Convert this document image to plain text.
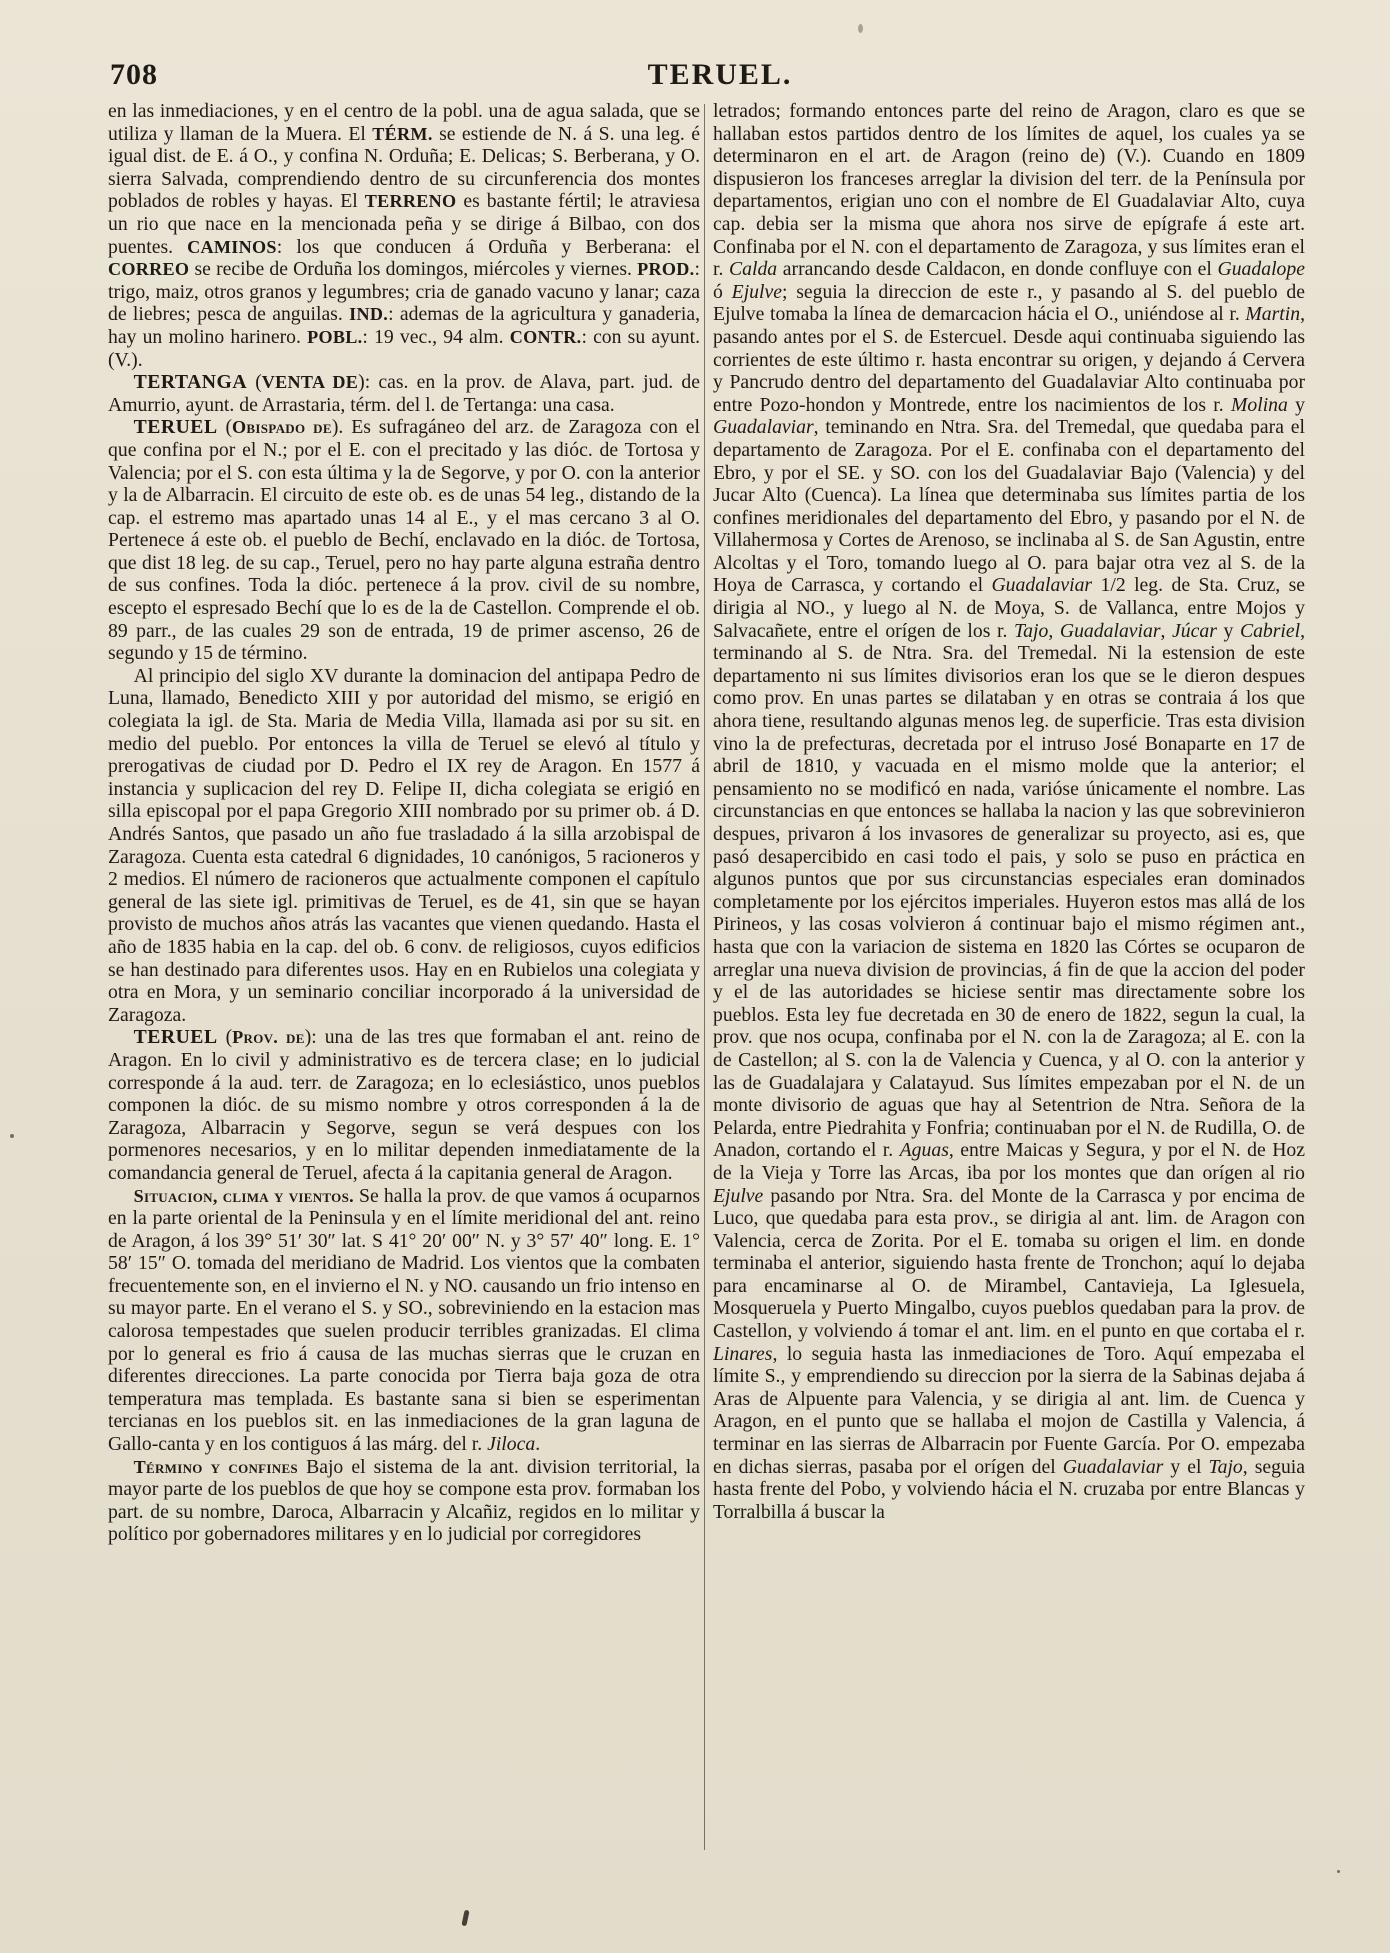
708	TERUEL.

en las inmediaciones, y en el centro de la pobl. una de agua salada, que se utiliza y llaman de la Muera. El TÉRM. se estiende de N. á S. una leg. é igual dist. de E. á O., y confina N. Orduña; E. Delicas; S. Berberana, y O. sierra Salvada, comprendiendo dentro de su circunferencia dos montes poblados de robles y hayas. El TERRENO es bastante fértil; le atraviesa un rio que nace en la mencionada peña y se dirige á Bilbao, con dos puentes. CAMINOS: los que conducen á Orduña y Berberana: el CORREO se recibe de Orduña los domingos, miércoles y viernes. PROD.: trigo, maiz, otros granos y legumbres; cria de ganado vacuno y lanar; caza de liebres; pesca de anguilas. IND.: ademas de la agricultura y ganaderia, hay un molino harinero. POBL.: 19 vec., 94 alm. CONTR.: con su ayunt. (V.).

TERTANGA (VENTA DE): cas. en la prov. de Alava, part. jud. de Amurrio, ayunt. de Arrastaria, térm. del l. de Tertanga: una casa.

TERUEL (Obispado de). Es sufragáneo del arz. de Zaragoza con el que confina por el N.; por el E. con el precitado y las dióc. de Tortosa y Valencia; por el S. con esta última y la de Segorve, y por O. con la anterior y la de Albarracin. El circuito de este ob. es de unas 54 leg., distando de la cap. el estremo mas apartado unas 14 al E., y el mas cercano 3 al O. Pertenece á este ob. el pueblo de Bechí, enclavado en la dióc. de Tortosa, que dist 18 leg. de su cap., Teruel, pero no hay parte alguna estraña dentro de sus confines. Toda la dióc. pertenece á la prov. civil de su nombre, escepto el espresado Bechí que lo es de la de Castellon. Comprende el ob. 89 parr., de las cuales 29 son de entrada, 19 de primer ascenso, 26 de segundo y 15 de término.

Al principio del siglo XV durante la dominacion del antipapa Pedro de Luna, llamado, Benedicto XIII y por autoridad del mismo, se erigió en colegiata la igl. de Sta. Maria de Media Villa, llamada asi por su sit. en medio del pueblo. Por entonces la villa de Teruel se elevó al título y prerogativas de ciudad por D. Pedro el IX rey de Aragon. En 1577 á instancia y suplicacion del rey D. Felipe II, dicha colegiata se erigió en silla episcopal por el papa Gregorio XIII nombrado por su primer ob. á D. Andrés Santos, que pasado un año fue trasladado á la silla arzobispal de Zaragoza. Cuenta esta catedral 6 dignidades, 10 canónigos, 5 racioneros y 2 medios. El número de racioneros que actualmente componen el capítulo general de las siete igl. primitivas de Teruel, es de 41, sin que se hayan provisto de muchos años atrás las vacantes que vienen quedando. Hasta el año de 1835 habia en la cap. del ob. 6 conv. de religiosos, cuyos edificios se han destinado para diferentes usos. Hay en en Rubielos una colegiata y otra en Mora, y un seminario conciliar incorporado á la universidad de Zaragoza.

TERUEL (Prov. de): una de las tres que formaban el ant. reino de Aragon. En lo civil y administrativo es de tercera clase; en lo judicial corresponde á la aud. terr. de Zaragoza; en lo eclesiástico, unos pueblos componen la dióc. de su mismo nombre y otros corresponden á la de Zaragoza, Albarracin y Segorve, segun se verá despues con los pormenores necesarios, y en lo militar dependen inmediatamente de la comandancia general de Teruel, afecta á la capitania general de Aragon.

Situacion, clima y vientos. Se halla la prov. de que vamos á ocuparnos en la parte oriental de la Peninsula y en el límite meridional del ant. reino de Aragon, á los 39° 51′ 30″ lat. S 41° 20′ 00″ N. y 3° 57′ 40″ long. E. 1° 58′ 15″ O. tomada del meridiano de Madrid. Los vientos que la combaten frecuentemente son, en el invierno el N. y NO. causando un frio intenso en su mayor parte. En el verano el S. y SO., sobreviniendo en la estacion mas calorosa tempestades que suelen producir terribles granizadas. El clima por lo general es frio á causa de las muchas sierras que le cruzan en diferentes direcciones. La parte conocida por Tierra baja goza de otra temperatura mas templada. Es bastante sana si bien se esperimentan tercianas en los pueblos sit. en las inmediaciones de la gran laguna de Gallo-canta y en los contiguos á las márg. del r. Jiloca.

Término y confines Bajo el sistema de la ant. division territorial, la mayor parte de los pueblos de que hoy se compone esta prov. formaban los part. de su nombre, Daroca, Albarracin y Alcañiz, regidos en lo militar y político por gobernadores militares y en lo judicial por corregidores

letrados; formando entonces parte del reino de Aragon, claro es que se hallaban estos partidos dentro de los límites de aquel, los cuales ya se determinaron en el art. de Aragon (reino de) (V.). Cuando en 1809 dispusieron los franceses arreglar la division del terr. de la Península por departamentos, erigian uno con el nombre de El Guadalaviar Alto, cuya cap. debia ser la misma que ahora nos sirve de epígrafe á este art. Confinaba por el N. con el departamento de Zaragoza, y sus límites eran el r. Calda arrancando desde Caldacon, en donde confluye con el Guadalope ó Ejulve; seguia la direccion de este r., y pasando al S. del pueblo de Ejulve tomaba la línea de demarcacion hácia el O., uniéndose al r. Martin, pasando antes por el S. de Estercuel. Desde aqui continuaba siguiendo las corrientes de este último r. hasta encontrar su origen, y dejando á Cervera y Pancrudo dentro del departamento del Guadalaviar Alto continuaba por entre Pozo-hondon y Montrede, entre los nacimientos de los r. Molina y Guadalaviar, teminando en Ntra. Sra. del Tremedal, que quedaba para el departamento de Zaragoza. Por el E. confinaba con el departamento del Ebro, y por el SE. y SO. con los del Guadalaviar Bajo (Valencia) y del Jucar Alto (Cuenca). La línea que determinaba sus límites partia de los confines meridionales del departamento del Ebro, y pasando por el N. de Villahermosa y Cortes de Arenoso, se inclinaba al S. de San Agustin, entre Alcoltas y el Toro, tomando luego al O. para bajar otra vez al S. de la Hoya de Carrasca, y cortando el Guadalaviar 1/2 leg. de Sta. Cruz, se dirigia al NO., y luego al N. de Moya, S. de Vallanca, entre Mojos y Salvacañete, entre el orígen de los r. Tajo, Guadalaviar, Júcar y Cabriel, terminando al S. de Ntra. Sra. del Tremedal. Ni la estension de este departamento ni sus límites divisorios eran los que se le dieron despues como prov. En unas partes se dilataban y en otras se contraia á los que ahora tiene, resultando algunas menos leg. de superficie. Tras esta division vino la de prefecturas, decretada por el intruso José Bonaparte en 17 de abril de 1810, y vacuada en el mismo molde que la anterior; el pensamiento no se modificó en nada, varióse únicamente el nombre. Las circunstancias en que entonces se hallaba la nacion y las que sobrevinieron despues, privaron á los invasores de generalizar su proyecto, asi es, que pasó desapercibido en casi todo el pais, y solo se puso en práctica en algunos puntos que por sus circunstancias especiales eran dominados completamente por los ejércitos imperiales. Huyeron estos mas allá de los Pirineos, y las cosas volvieron á continuar bajo el mismo régimen ant., hasta que con la variacion de sistema en 1820 las Córtes se ocuparon de arreglar una nueva division de provincias, á fin de que la accion del poder y el de las autoridades se hiciese sentir mas directamente sobre los pueblos. Esta ley fue decretada en 30 de enero de 1822, segun la cual, la prov. que nos ocupa, confinaba por el N. con la de Zaragoza; al E. con la de Castellon; al S. con la de Valencia y Cuenca, y al O. con la anterior y las de Guadalajara y Calatayud. Sus límites empezaban por el N. de un monte divisorio de aguas que hay al Setentrion de Ntra. Señora de la Pelarda, entre Piedrahita y Fonfria; continuaban por el N. de Rudilla, O. de Anadon, cortando el r. Aguas, entre Maicas y Segura, y por el N. de Hoz de la Vieja y Torre las Arcas, iba por los montes que dan orígen al rio Ejulve pasando por Ntra. Sra. del Monte de la Carrasca y por encima de Luco, que quedaba para esta prov., se dirigia al ant. lim. de Aragon con Valencia, cerca de Zorita. Por el E. tomaba su origen el lim. en donde terminaba el anterior, siguiendo hasta frente de Tronchon; aquí lo dejaba para encaminarse al O. de Mirambel, Cantavieja, La Iglesuela, Mosqueruela y Puerto Mingalbo, cuyos pueblos quedaban para la prov. de Castellon, y volviendo á tomar el ant. lim. en el punto en que cortaba el r. Linares, lo seguia hasta las inmediaciones de Toro. Aquí empezaba el límite S., y emprendiendo su direccion por la sierra de la Sabinas dejaba á Aras de Alpuente para Valencia, y se dirigia al ant. lim. de Cuenca y Aragon, en el punto que se hallaba el mojon de Castilla y Valencia, á terminar en las sierras de Albarracin por Fuente García. Por O. empezaba en dichas sierras, pasaba por el orígen del Guadalaviar y el Tajo, seguia hasta frente del Pobo, y volviendo hácia el N. cruzaba por entre Blancas y Torralbilla á buscar la
